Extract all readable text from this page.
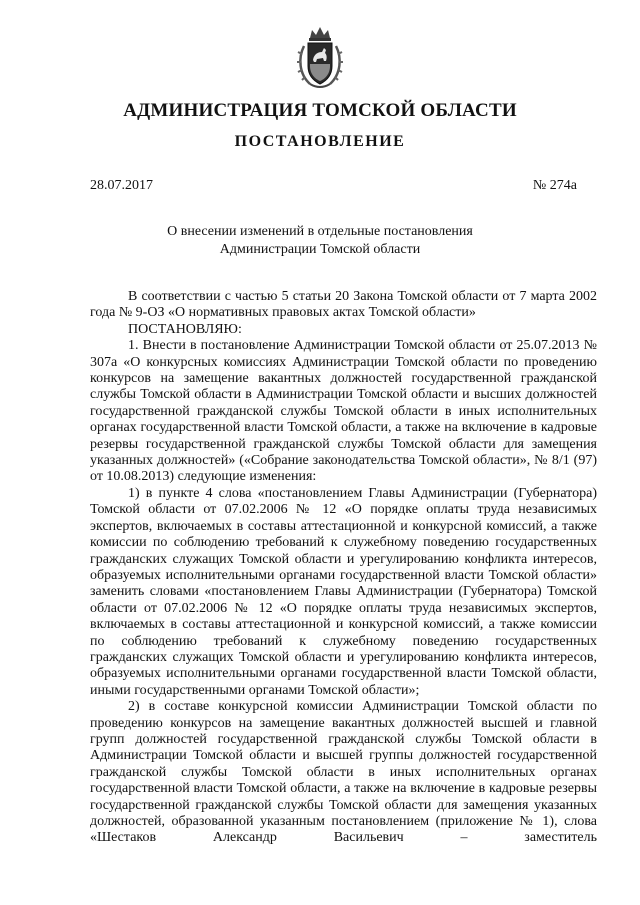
АДМИНИСТРАЦИЯ ТОМСКОЙ ОБЛАСТИ
ПОСТАНОВЛЕНИЕ
28.07.2017	№ 274а
О внесении изменений в отдельные постановления
Администрации Томской области

В соответствии с частью 5 статьи 20 Закона Томской области от 7 марта 2002 года № 9-ОЗ «О нормативных правовых актах Томской области»

ПОСТАНОВЛЯЮ:

1. Внести в постановление Администрации Томской области от 25.07.2013 № 307а «О конкурсных комиссиях Администрации Томской области по проведению конкурсов на замещение вакантных должностей государственной гражданской службы Томской области в Администрации Томской области и высших должностей государственной гражданской службы Томской области в иных исполнительных органах государственной власти Томской области, а также на включение в кадровые резервы государственной гражданской службы Томской области для замещения указанных должностей» («Собрание законодательства Томской области», № 8/1 (97) от 10.08.2013) следующие изменения:

1) в пункте 4 слова «постановлением Главы Администрации (Губернатора) Томской области от 07.02.2006 № 12 «О порядке оплаты труда независимых экспертов, включаемых в составы аттестационной и конкурсной комиссий, а также комиссии по соблюдению требований к служебному поведению государственных гражданских служащих Томской области и урегулированию конфликта интересов, образуемых исполнительными органами государственной власти Томской области» заменить словами «постановлением Главы Администрации (Губернатора) Томской области от 07.02.2006 № 12 «О порядке оплаты труда независимых экспертов, включаемых в составы аттестационной и конкурсной комиссий, а также комиссии по соблюдению требований к служебному поведению государственных гражданских служащих Томской области и урегулированию конфликта интересов, образуемых исполнительными органами государственной власти Томской области, иными государственными органами Томской области»;

2) в составе конкурсной комиссии Администрации Томской области по проведению конкурсов на замещение вакантных должностей высшей и главной групп должностей государственной гражданской службы Томской области в Администрации Томской области и высшей группы должностей государственной гражданской службы Томской области в иных исполнительных органах государственной власти Томской области, а также на включение в кадровые резервы государственной гражданской службы Томской области для замещения указанных должностей, образованной указанным постановлением (приложение № 1), слова «Шестаков Александр Васильевич – заместитель
